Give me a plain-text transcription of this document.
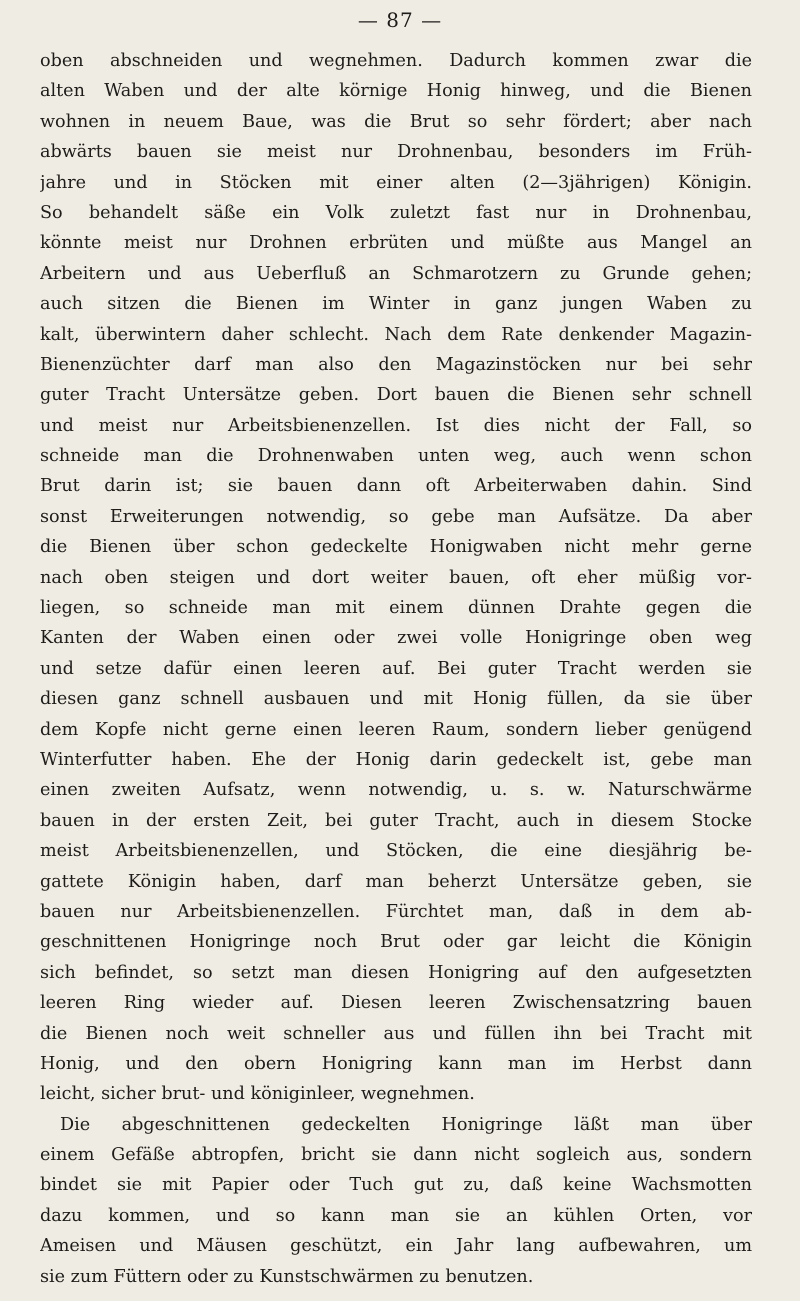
— 87 —
oben abschneiden und wegnehmen. Dadurch kommen zwar die
alten Waben und der alte körnige Honig hinweg, und die Bienen
wohnen in neuem Baue, was die Brut so sehr fördert; aber nach
abwärts bauen sie meist nur Drohnenbau, besonders im Früh-
jahre und in Stöcken mit einer alten (2—3jährigen) Königin.
So behandelt säße ein Volk zuletzt fast nur in Drohnenbau,
könnte meist nur Drohnen erbrüten und müßte aus Mangel an
Arbeitern und aus Ueberfluß an Schmarotzern zu Grunde gehen;
auch sitzen die Bienen im Winter in ganz jungen Waben zu
kalt, überwintern daher schlecht. Nach dem Rate denkender Magazin-
Bienenzüchter darf man also den Magazinstöcken nur bei sehr
guter Tracht Untersätze geben. Dort bauen die Bienen sehr schnell
und meist nur Arbeitsbienenzellen. Ist dies nicht der Fall, so
schneide man die Drohnenwaben unten weg, auch wenn schon
Brut darin ist; sie bauen dann oft Arbeiterwaben dahin. Sind
sonst Erweiterungen notwendig, so gebe man Aufsätze. Da aber
die Bienen über schon gedeckelte Honigwaben nicht mehr gerne
nach oben steigen und dort weiter bauen, oft eher müßig vor-
liegen, so schneide man mit einem dünnen Drahte gegen die
Kanten der Waben einen oder zwei volle Honigringe oben weg
und setze dafür einen leeren auf. Bei guter Tracht werden sie
diesen ganz schnell ausbauen und mit Honig füllen, da sie über
dem Kopfe nicht gerne einen leeren Raum, sondern lieber genügend
Winterfutter haben. Ehe der Honig darin gedeckelt ist, gebe man
einen zweiten Aufsatz, wenn notwendig, u. s. w. Naturschwärme
bauen in der ersten Zeit, bei guter Tracht, auch in diesem Stocke
meist Arbeitsbienenzellen, und Stöcken, die eine diesjährig be-
gattete Königin haben, darf man beherzt Untersätze geben, sie
bauen nur Arbeitsbienenzellen. Fürchtet man, daß in dem ab-
geschnittenen Honigringe noch Brut oder gar leicht die Königin
sich befindet, so setzt man diesen Honigring auf den aufgesetzten
leeren Ring wieder auf. Diesen leeren Zwischensatzring bauen
die Bienen noch weit schneller aus und füllen ihn bei Tracht mit
Honig, und den obern Honigring kann man im Herbst dann
leicht, sicher brut- und königinleer, wegnehmen.
Die abgeschnittenen gedeckelten Honigringe läßt man über
einem Gefäße abtropfen, bricht sie dann nicht sogleich aus, sondern
bindet sie mit Papier oder Tuch gut zu, daß keine Wachsmotten
dazu kommen, und so kann man sie an kühlen Orten, vor
Ameisen und Mäusen geschützt, ein Jahr lang aufbewahren, um
sie zum Füttern oder zu Kunstschwärmen zu benutzen.
